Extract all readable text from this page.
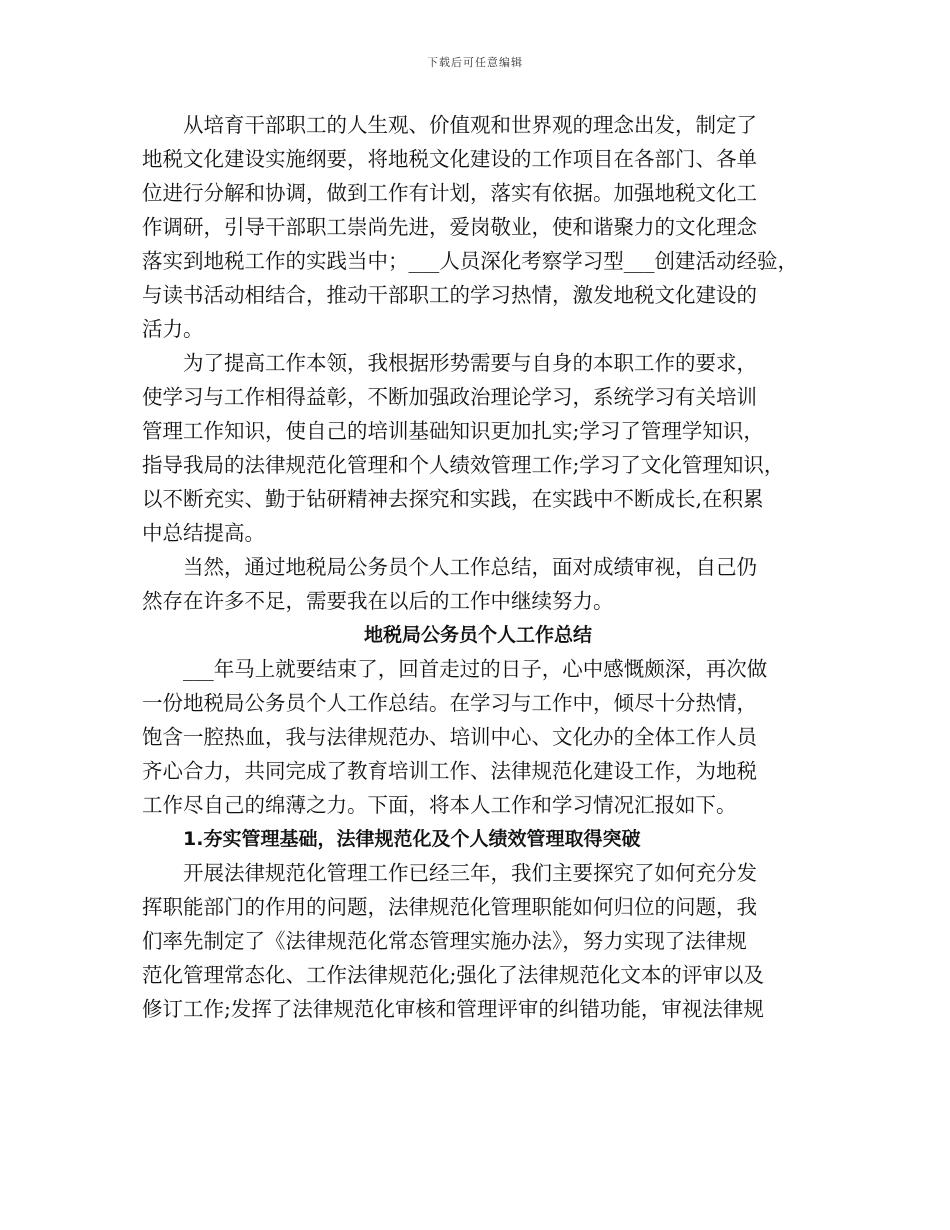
下载后可任意编辑
从培育干部职工的人生观、价值观和世界观的理念出发，制定了
地税文化建设实施纲要，将地税文化建设的工作项目在各部门、各单
位进行分解和协调，做到工作有计划，落实有依据。加强地税文化工
作调研，引导干部职工崇尚先进，爱岗敬业，使和谐聚力的文化理念
落实到地税工作的实践当中；___人员深化考察学习型___创建活动经验，
与读书活动相结合，推动干部职工的学习热情，激发地税文化建设的
活力。
为了提高工作本领，我根据形势需要与自身的本职工作的要求，
使学习与工作相得益彰，不断加强政治理论学习，系统学习有关培训
管理工作知识，使自己的培训基础知识更加扎实;学习了管理学知识，
指导我局的法律规范化管理和个人绩效管理工作;学习了文化管理知识，
以不断充实、勤于钻研精神去探究和实践，在实践中不断成长,在积累
中总结提高。
当然，通过地税局公务员个人工作总结，面对成绩审视，自己仍
然存在许多不足，需要我在以后的工作中继续努力。
地税局公务员个人工作总结
___年马上就要结束了，回首走过的日子，心中感慨颇深，再次做
一份地税局公务员个人工作总结。在学习与工作中，倾尽十分热情，
饱含一腔热血，我与法律规范办、培训中心、文化办的全体工作人员
齐心合力，共同完成了教育培训工作、法律规范化建设工作，为地税
工作尽自己的绵薄之力。下面，将本人工作和学习情况汇报如下。
1.夯实管理基础，法律规范化及个人绩效管理取得突破
开展法律规范化管理工作已经三年，我们主要探究了如何充分发
挥职能部门的作用的问题，法律规范化管理职能如何归位的问题，我
们率先制定了《法律规范化常态管理实施办法》，努力实现了法律规
范化管理常态化、工作法律规范化;强化了法律规范化文本的评审以及
修订工作;发挥了法律规范化审核和管理评审的纠错功能，审视法律规
